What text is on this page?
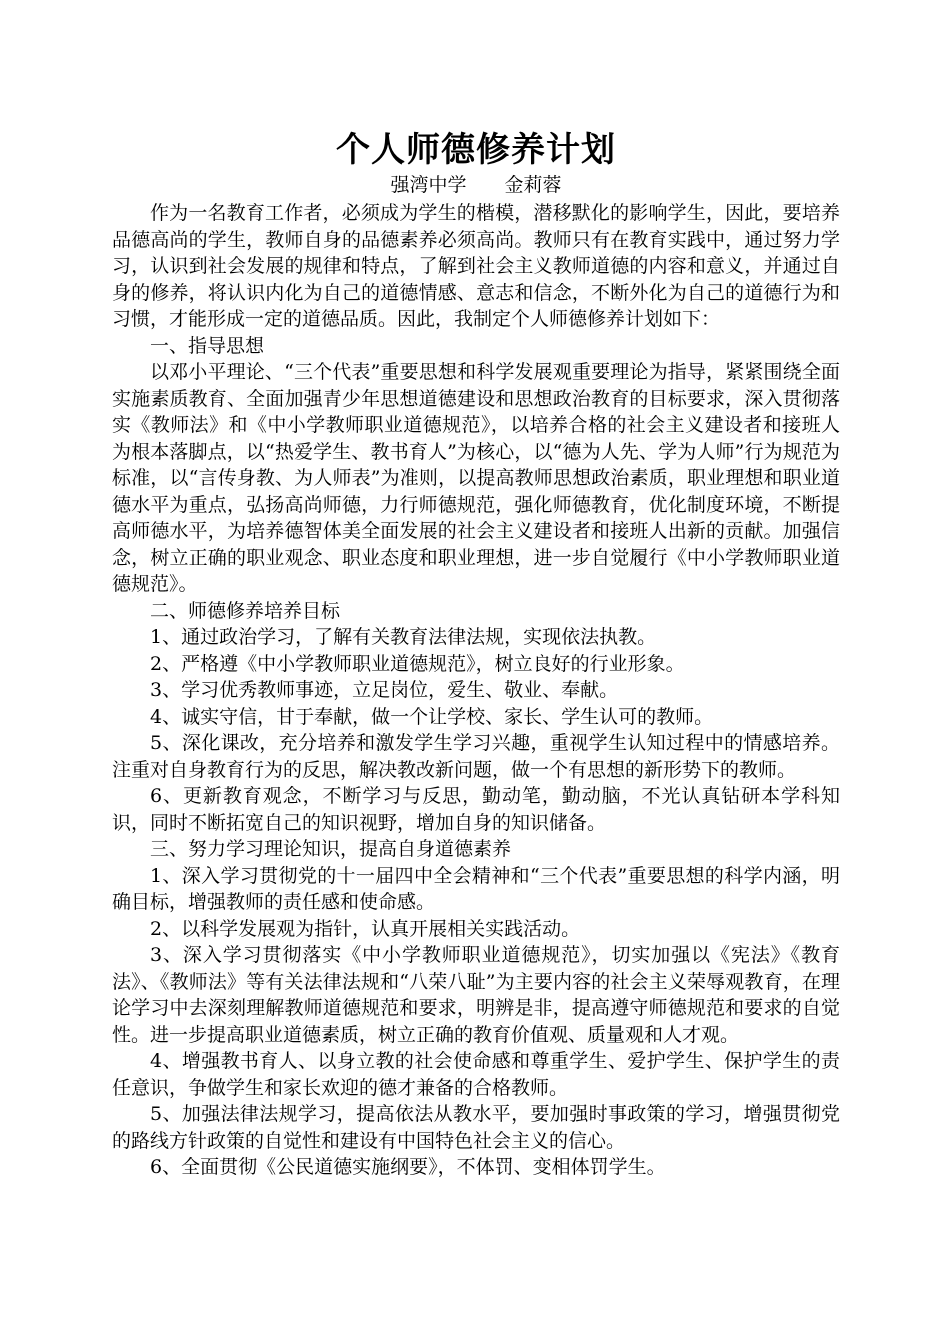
个人师德修养计划

强湾中学　　金莉蓉

作为一名教育工作者，必须成为学生的楷模，潜移默化的影响学生，因此，要培养品德高尚的学生，教师自身的品德素养必须高尚。教师只有在教育实践中，通过努力学习，认识到社会发展的规律和特点，了解到社会主义教师道德的内容和意义，并通过自身的修养，将认识内化为自己的道德情感、意志和信念，不断外化为自己的道德行为和习惯，才能形成一定的道德品质。因此，我制定个人师德修养计划如下：

一、指导思想

以邓小平理论、“三个代表”重要思想和科学发展观重要理论为指导，紧紧围绕全面实施素质教育、全面加强青少年思想道德建设和思想政治教育的目标要求，深入贯彻落实《教师法》和《中小学教师职业道德规范》，以培养合格的社会主义建设者和接班人为根本落脚点，以“热爱学生、教书育人”为核心，以“德为人先、学为人师”行为规范为标准，以“言传身教、为人师表”为准则，以提高教师思想政治素质，职业理想和职业道德水平为重点，弘扬高尚师德，力行师德规范，强化师德教育，优化制度环境，不断提高师德水平，为培养德智体美全面发展的社会主义建设者和接班人出新的贡献。加强信念，树立正确的职业观念、职业态度和职业理想，进一步自觉履行《中小学教师职业道德规范》。

二、师德修养培养目标

1、通过政治学习，了解有关教育法律法规，实现依法执教。

2、严格遵《中小学教师职业道德规范》，树立良好的行业形象。

3、学习优秀教师事迹，立足岗位，爱生、敬业、奉献。

4、诚实守信，甘于奉献，做一个让学校、家长、学生认可的教师。

5、深化课改，充分培养和激发学生学习兴趣，重视学生认知过程中的情感培养。注重对自身教育行为的反思，解决教改新问题，做一个有思想的新形势下的教师。

6、更新教育观念，不断学习与反思，勤动笔，勤动脑，不光认真钻研本学科知识，同时不断拓宽自己的知识视野，增加自身的知识储备。

三、努力学习理论知识，提高自身道德素养

1、深入学习贯彻党的十一届四中全会精神和“三个代表”重要思想的科学内涵，明确目标，增强教师的责任感和使命感。

2、以科学发展观为指针，认真开展相关实践活动。

3、深入学习贯彻落实《中小学教师职业道德规范》，切实加强以《宪法》《教育法》、《教师法》等有关法律法规和“八荣八耻”为主要内容的社会主义荣辱观教育，在理论学习中去深刻理解教师道德规范和要求，明辨是非，提高遵守师德规范和要求的自觉性。进一步提高职业道德素质，树立正确的教育价值观、质量观和人才观。

4、增强教书育人、以身立教的社会使命感和尊重学生、爱护学生、保护学生的责任意识，争做学生和家长欢迎的德才兼备的合格教师。

5、加强法律法规学习，提高依法从教水平，要加强时事政策的学习，增强贯彻党的路线方针政策的自觉性和建设有中国特色社会主义的信心。

6、全面贯彻《公民道德实施纲要》，不体罚、变相体罚学生。
